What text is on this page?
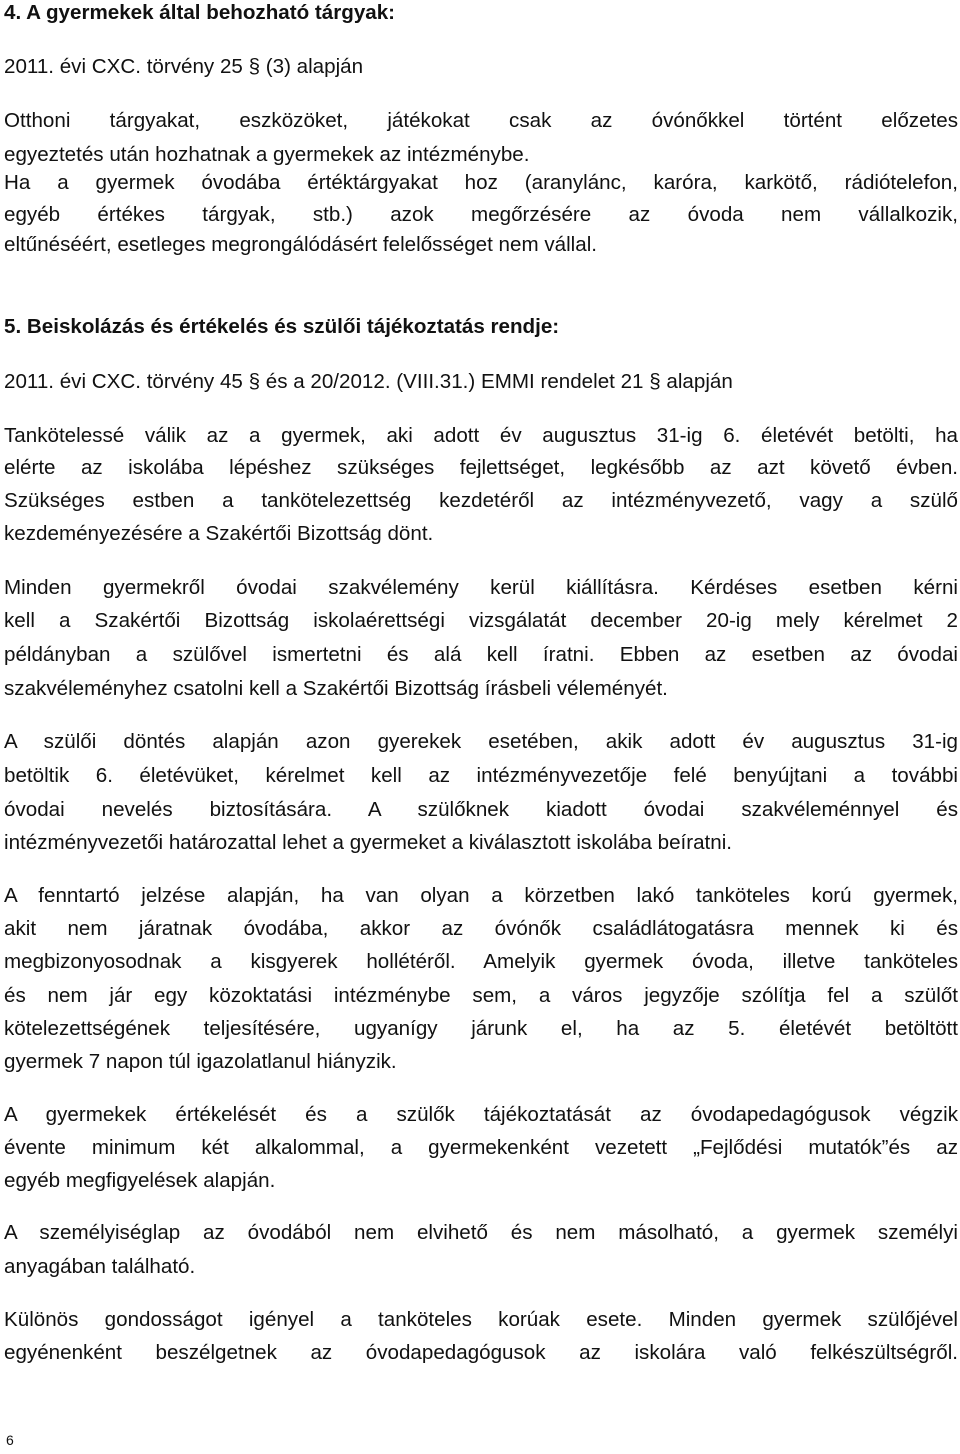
4. A gyermekek által behozható tárgyak:
2011. évi CXC. törvény 25 § (3) alapján
Otthoni tárgyakat, eszközöket, játékokat csak az óvónőkkel történt előzetes
egyeztetés után hozhatnak a gyermekek az intézménybe.
Ha a gyermek óvodába értéktárgyakat hoz (aranylánc, karóra, karkötő, rádiótelefon,
egyéb értékes tárgyak, stb.) azok megőrzésére az óvoda nem vállalkozik,
eltűnéséért, esetleges megrongálódásért felelősséget nem vállal.
5. Beiskolázás és értékelés és szülői tájékoztatás rendje:
2011. évi CXC. törvény 45 § és a 20/2012. (VIII.31.) EMMI rendelet 21 § alapján
Tankötelessé válik az a gyermek, aki adott év augusztus 31-ig 6. életévét betölti, ha
elérte az iskolába lépéshez szükséges fejlettséget, legkésőbb az azt követő évben.
Szükséges estben a tankötelezettség kezdetéről az intézményvezető, vagy a szülő
kezdeményezésére a Szakértői Bizottság dönt.
Minden gyermekről óvodai szakvélemény kerül kiállításra. Kérdéses esetben kérni
kell a Szakértői Bizottság iskolaérettségi vizsgálatát december 20-ig mely kérelmet 2
példányban a szülővel ismertetni és alá kell íratni. Ebben az esetben az óvodai
szakvéleményhez csatolni kell a Szakértői Bizottság írásbeli véleményét.
A szülői döntés alapján azon gyerekek esetében, akik adott év augusztus 31-ig
betöltik 6. életévüket, kérelmet kell az intézményvezetője felé benyújtani a további
óvodai nevelés biztosítására. A szülőknek kiadott óvodai szakvéleménnyel és
intézményvezetői határozattal lehet a gyermeket a kiválasztott iskolába beíratni.
A fenntartó jelzése alapján, ha van olyan a körzetben lakó tanköteles korú gyermek,
akit nem járatnak óvodába, akkor az óvónők családlátogatásra mennek ki és
megbizonyosodnak a kisgyerek hollétéről. Amelyik gyermek óvoda, illetve tanköteles
és nem jár egy közoktatási intézménybe sem, a város jegyzője szólítja fel a szülőt
kötelezettségének teljesítésére, ugyanígy járunk el, ha az 5. életévét betöltött
gyermek 7 napon túl igazolatlanul hiányzik.
A gyermekek értékelését és a szülők tájékoztatását az óvodapedagógusok végzik
évente minimum két alkalommal, a gyermekenként vezetett „Fejlődési mutatók”és az
egyéb megfigyelések alapján.
A személyiséglap az óvodából nem elvihető és nem másolható, a gyermek személyi
anyagában található.
Különös gondosságot igényel a tanköteles korúak esete. Minden gyermek szülőjével
egyénenként beszélgetnek az óvodapedagógusok az iskolára való felkészültségről.
6
